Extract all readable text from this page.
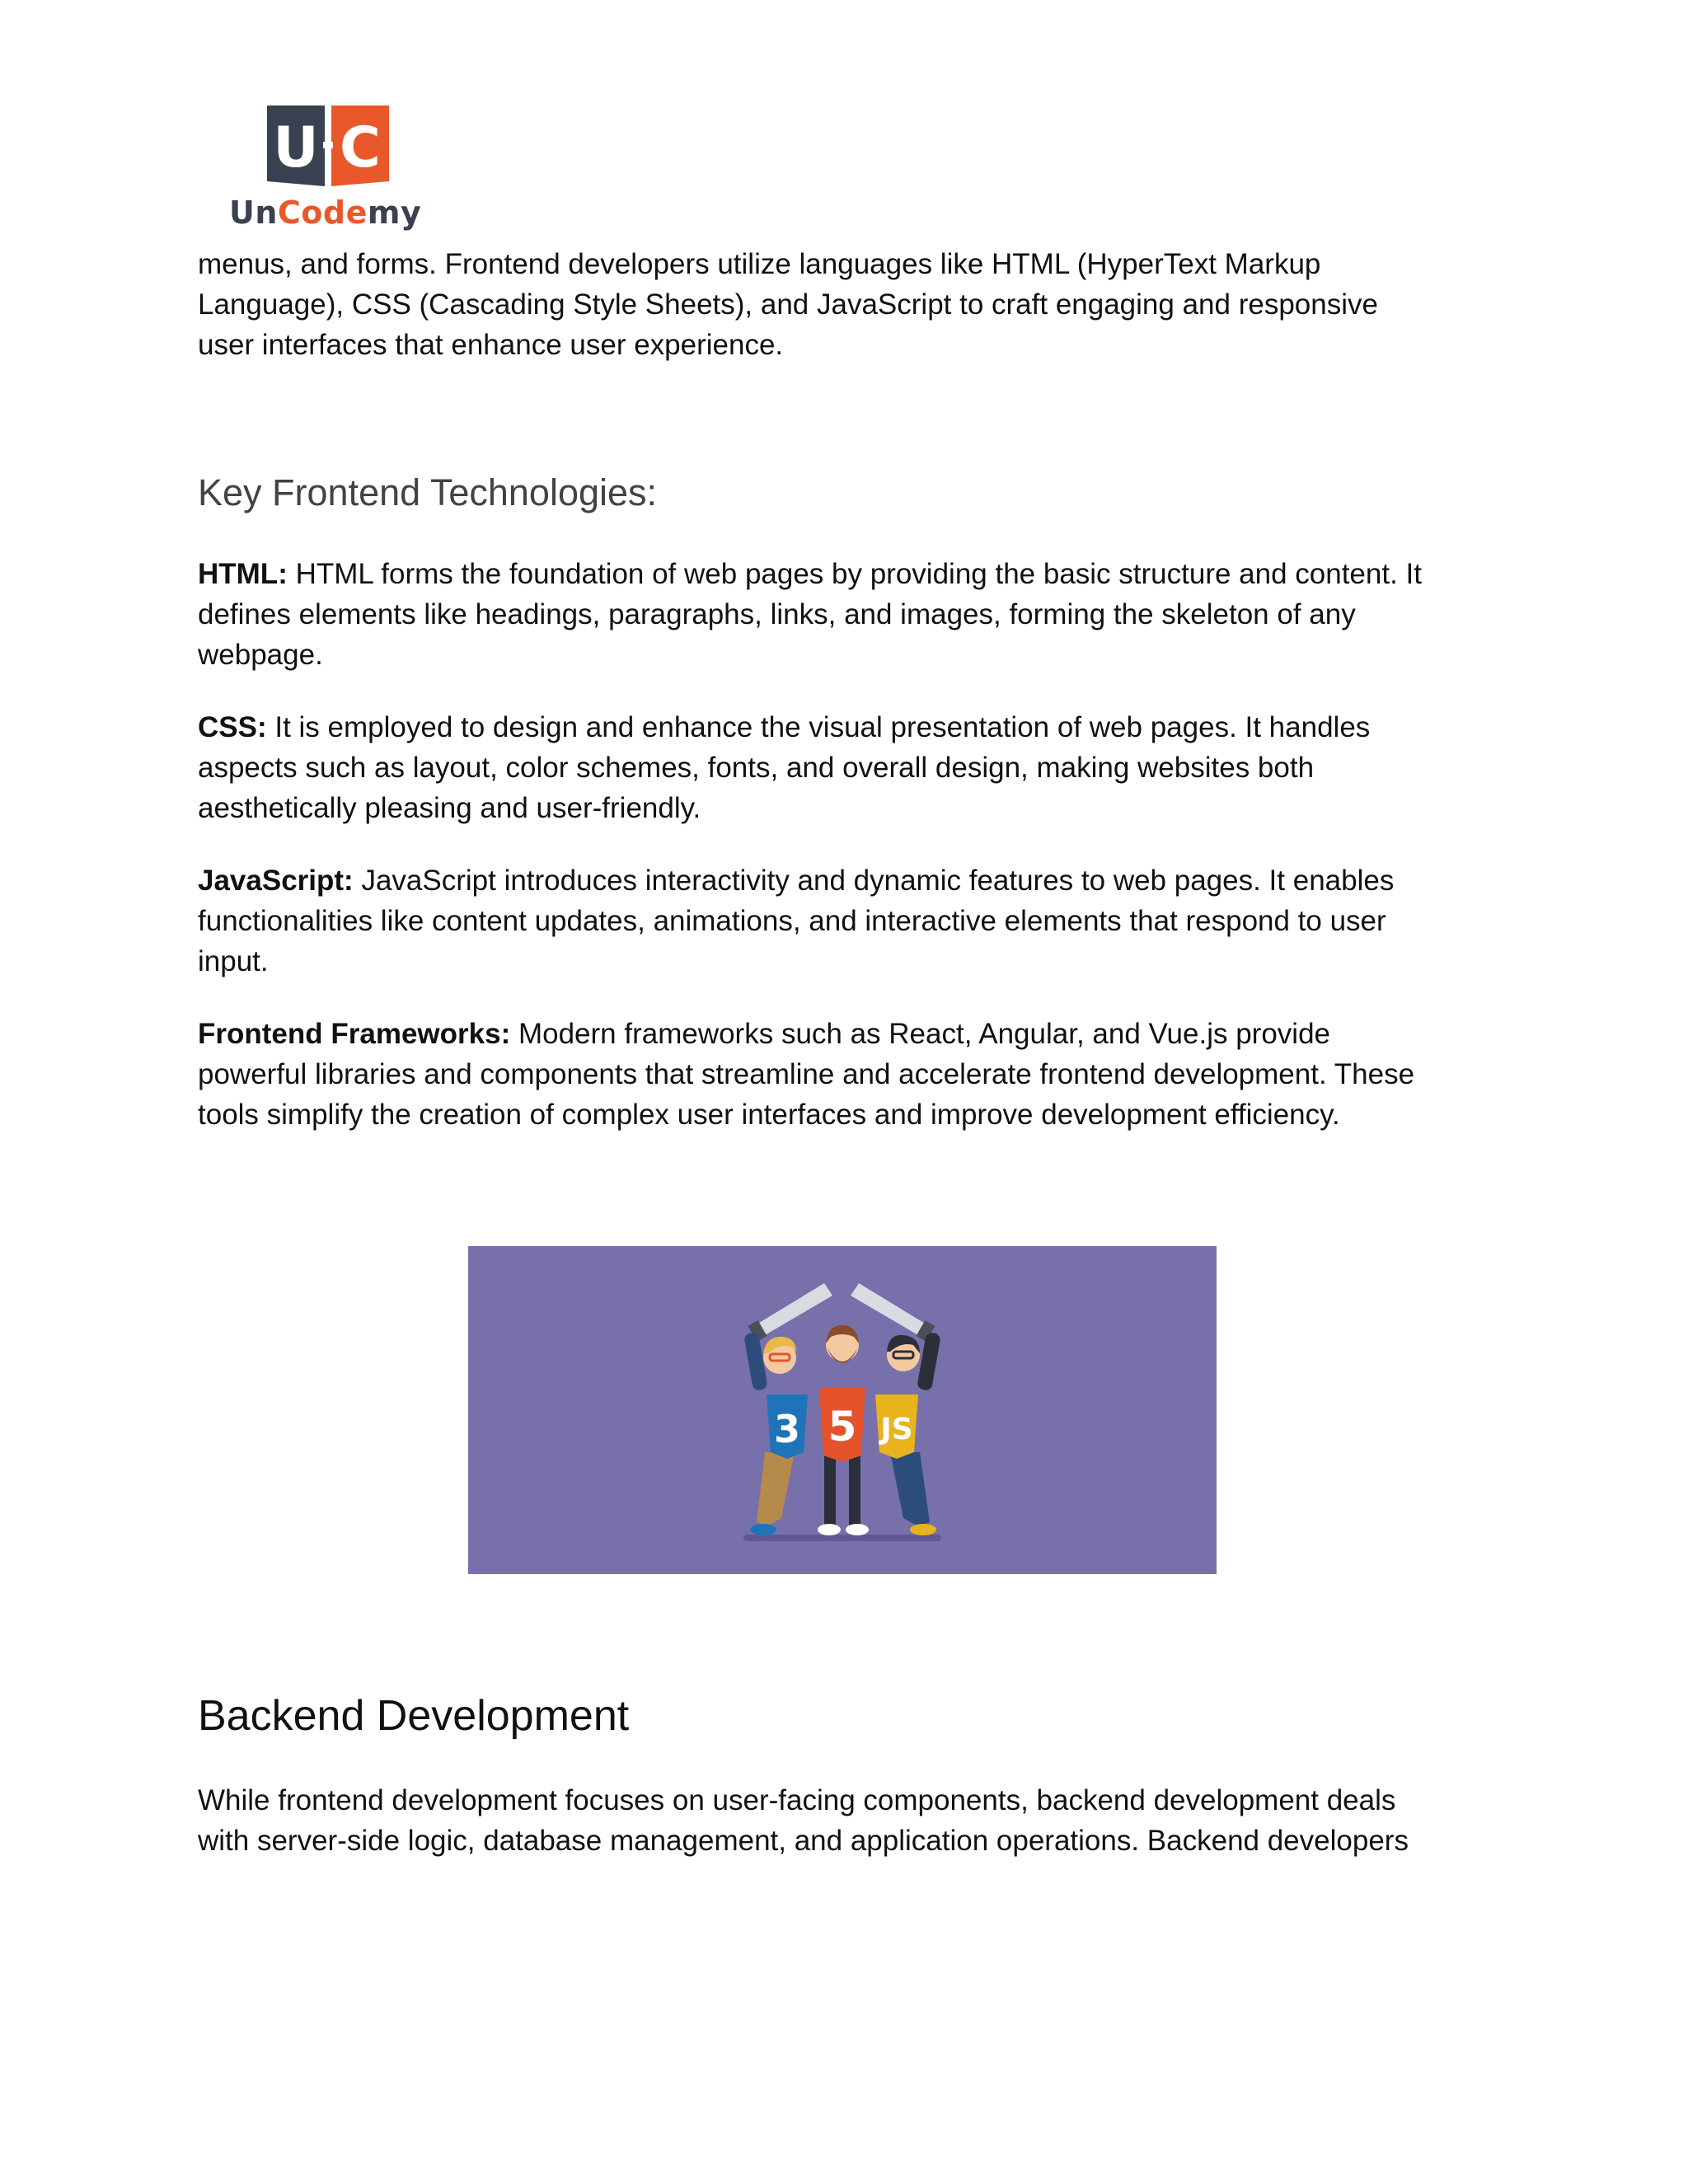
U C
UnCodemy

menus, and forms. Frontend developers utilize languages like HTML (HyperText Markup
Language), CSS (Cascading Style Sheets), and JavaScript to craft engaging and responsive
user interfaces that enhance user experience.

Key Frontend Technologies:

HTML: HTML forms the foundation of web pages by providing the basic structure and content. It
defines elements like headings, paragraphs, links, and images, forming the skeleton of any
webpage.

CSS: It is employed to design and enhance the visual presentation of web pages. It handles
aspects such as layout, color schemes, fonts, and overall design, making websites both
aesthetically pleasing and user-friendly.

JavaScript: JavaScript introduces interactivity and dynamic features to web pages. It enables
functionalities like content updates, animations, and interactive elements that respond to user
input.

Frontend Frameworks: Modern frameworks such as React, Angular, and Vue.js provide
powerful libraries and components that streamline and accelerate frontend development. These
tools simplify the creation of complex user interfaces and improve development efficiency.

Backend Development

While frontend development focuses on user-facing components, backend development deals
with server-side logic, database management, and application operations. Backend developers

3 5 JS
